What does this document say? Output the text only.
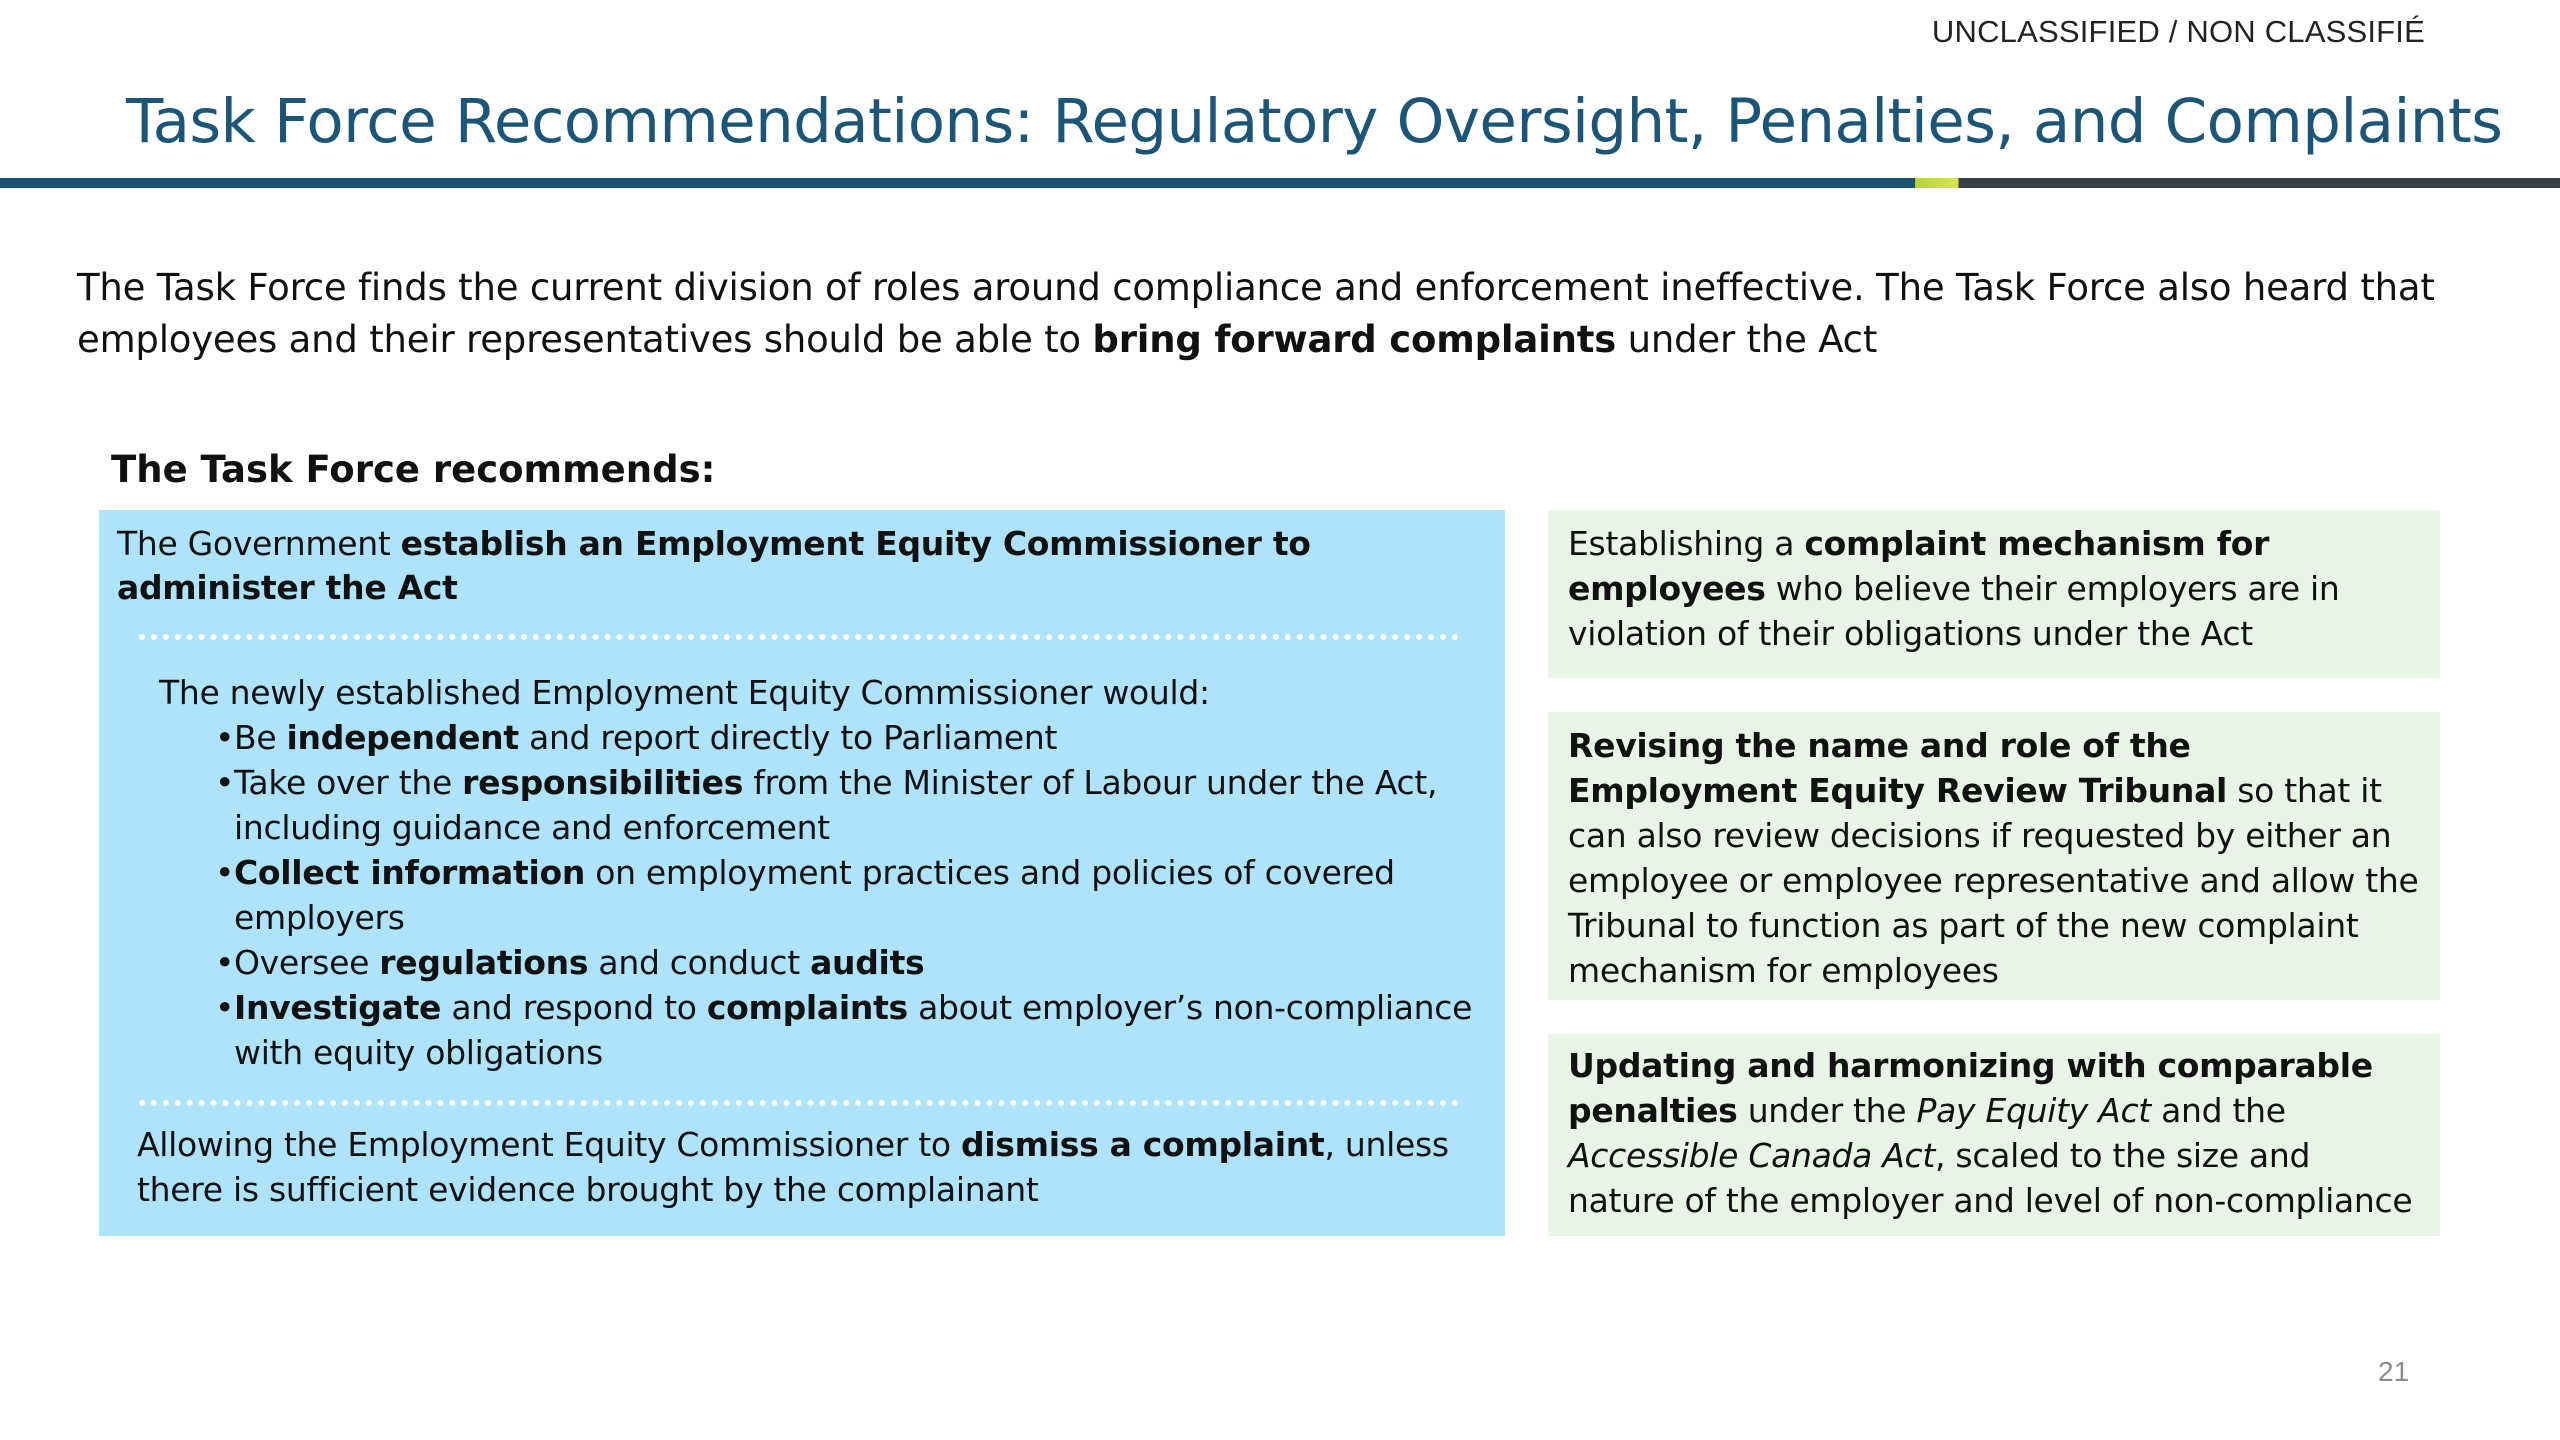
UNCLASSIFIED / NON CLASSIFIÉ
Task Force Recommendations: Regulatory Oversight, Penalties, and Complaints

The Task Force finds the current division of roles around compliance and enforcement ineffective. The Task Force also heard that employees and their representatives should be able to bring forward complaints under the Act

The Task Force recommends:
The Government establish an Employment Equity Commissioner to administer the Act

The newly established Employment Equity Commissioner would:

• Be independent and report directly to Parliament
• Take over the responsibilities from the Minister of Labour under the Act, including guidance and enforcement
• Collect information on employment practices and policies of covered employers
• Oversee regulations and conduct audits
• Investigate and respond to complaints about employer’s non-compliance with equity obligations
Allowing the Employment Equity Commissioner to dismiss a complaint, unless there is sufficient evidence brought by the complainant
Establishing a complaint mechanism for employees who believe their employers are in violation of their obligations under the Act
Revising the name and role of the Employment Equity Review Tribunal so that it can also review decisions if requested by either an employee or employee representative and allow the Tribunal to function as part of the new complaint mechanism for employees
Updating and harmonizing with comparable penalties under the Pay Equity Act and the Accessible Canada Act, scaled to the size and nature of the employer and level of non-compliance
21
